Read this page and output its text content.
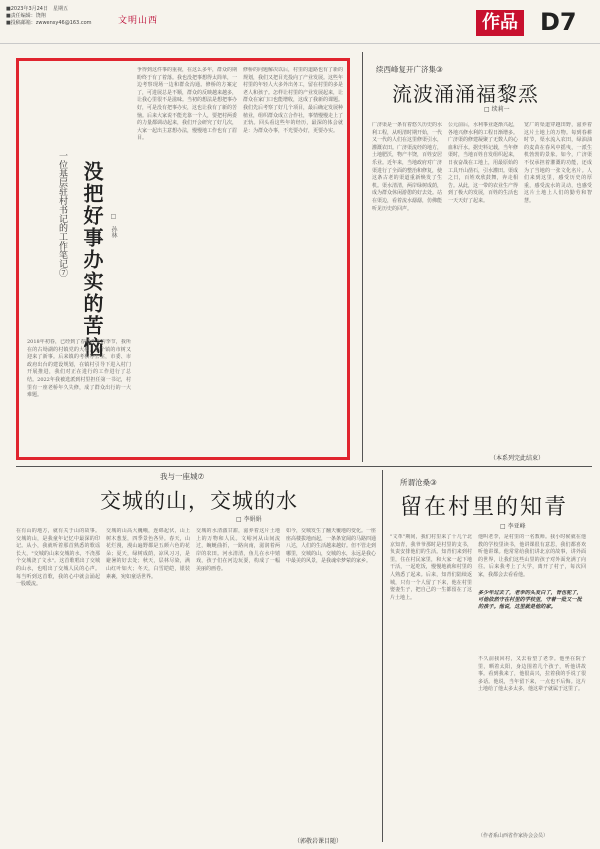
■2023年3月24日　星期五
■责任编辑：饶翔
■投稿邮箱：zwwensy46@163.com	文明山西	作品 D7
一位基层驻村书记的工作笔记⑦ 没把好事办实的苦恼 □　孙林
2018年初春，已经到了春暖花开的季节，我所在的古坳湖的村镇党的大楼，整个镇的市树又迎来了新事。后来镇的考核办公室，市委、市政府出台的建设规划，在镇村引导下进入村门开展推进，我们对正在进行的工作进行了总结。2022年我被选派到村里担任第一书记，村里有一座老桥年久失修，成了群众出行的一大难题。
争得到这件事的重视，在这么多年，群众的期盼终于有了着落。我也没把事想得太简单，一边考察现场一边和群众沟通。修桥的方案定了，可进展总是不顺，群众的反映越来越多，让我心里很不是滋味。当初的想法是想把事办好，可是没有把事办实，这也让我有了新的苦恼。后来大家说不能光靠一个人，要把村两委的力量都调动起来，我们开会研究了好几次，大家一起出主意想办法，慢慢地工作也有了眉目。
修桥的问题解决以后，村里的道路也有了新的规划，我们又把目光投向了产业发展。这些年村里的年轻人大多外出务工，留在村里的多是老人和孩子。怎样让村里的产业发展起来，让群众在家门口也能增收，这成了我新的课题。我们先后考察了好几个项目，最后确定发展种植业，组织群众成立合作社，事情慢慢走上了正轨。回头看这些年的经历，最深的体会就是：为群众办事，不光要办好，更要办实。
续西峰复开广济集③
流波涌涌福黎烝
□ 续莉一
广济渠是一条有着悠久历史的水利工程，从明清时期开始，一代又一代的人们在这里修渠引水，灌溉农田。广济渠流经的地方，土地肥沃，物产丰饶，百姓安居乐业。近年来，当地政府对广济渠进行了全面的整治和修复，使这条古老的渠道重新焕发了生机。渠水清清，两岸绿树成荫，成为群众休闲游憩的好去处。站在渠边，看着流水潺潺，仿佛能听见历史的回声。
公元前后，水利事业逐渐兴起，各地兴修水利的工程日渐增多。广济渠的修建凝聚了无数人的心血和汗水。据史料记载，当年修渠时，当地百姓自发组织起来，日夜奋战在工地上，用最原始的工具开山凿石，引水灌田。渠成之日，百姓欢欣鼓舞，奔走相告。从此，这一带的农业生产得到了极大的发展，百姓的生活也一天天好了起来。
宽广的渠道穿越田野，滋养着这片土地上的万物。每到春耕时节，渠水流入农田，绿油油的麦苗在春风中摇曳，一派生机勃勃的景象。如今，广济渠不仅承担着灌溉的功能，还成为了当地的一张文化名片。人们来到这里，感受历史的厚重，感受流水的灵动，也感受这片土地上人们的勤劳和智慧。
（本系列完此结束）
我与一座城⑦
交城的山，交城的水
□ 李娟娟
在有山的地方，就有关于山的故事。交城的山，是我童年记忆中最深的印记。从小，我就听着那首熟悉的歌谣长大，"交城的山来交城的水，不浇那个交城浇了文水"。这首歌唱出了交城的山水，也唱出了交城人民的心声。每当听到这首歌，我的心中就会涌起一股暖流。
交城的山高大巍峨，连绵起伏，山上树木葱茏，四季景色各异。春天，山花烂漫，漫山遍野都是五颜六色的花朵；夏天，绿树成荫，凉风习习，是避暑的好去处；秋天，层林尽染，满山红叶如火；冬天，白雪皑皑，银装素裹，宛如童话世界。
交城的水清澈甘甜，滋养着这片土地上的万物和人民。文峪河从山间流过，蜿蜒曲折，一路向南，滋润着两岸的农田。河水清清，鱼儿在水中嬉戏，孩子们在河边玩耍，构成了一幅美丽的画卷。
如今，交城发生了翻天覆地的变化。一座座高楼拔地而起，一条条宽阔的马路四通八达，人们的生活越来越好。但不管走到哪里，交城的山，交城的水，永远是我心中最美的风景，是我魂牵梦萦的家乡。
（郭敬岩课目随）
所谓沧桑③
留在村里的知青
□ 李亚峰
"文革"期间，我们村里来了十几个北京知青，我爷爷那时是村里的支书，负责安排他们的生活。知青们来到村里，住在村民家里，和大家一起下地干活，一起吃饭，慢慢地就和村里的人熟悉了起来。后来，知青们陆续返城，只有一个人留了下来，他在村里娶妻生子，把自己的一生都留在了这片土地上。
他叫老李，是村里的一名教师。我小时候就在他教的学校里读书，他讲课很有意思，我们都喜欢听他讲课。他常常给我们讲北京的故事，讲外面的世界，让我们这些山里的孩子对外面充满了向往。后来我考上了大学，离开了村子，每次回家，我都会去看看他。
多少年过去了，老李的头发白了，背也驼了，可他依然守在村里的学校里，守着一批又一批的孩子。他说，这里就是他的家。
不久前我回村，又去看望了老李。他坐在院子里，晒着太阳，身边围着几个孩子，听他讲故事。看到我来了，他很高兴，拉着我的手说了很多话。他说，当年留下来，一点也不后悔。这片土地给了他太多太多，他这辈子就属于这里了。
（作者系山西省作家协会会员）
